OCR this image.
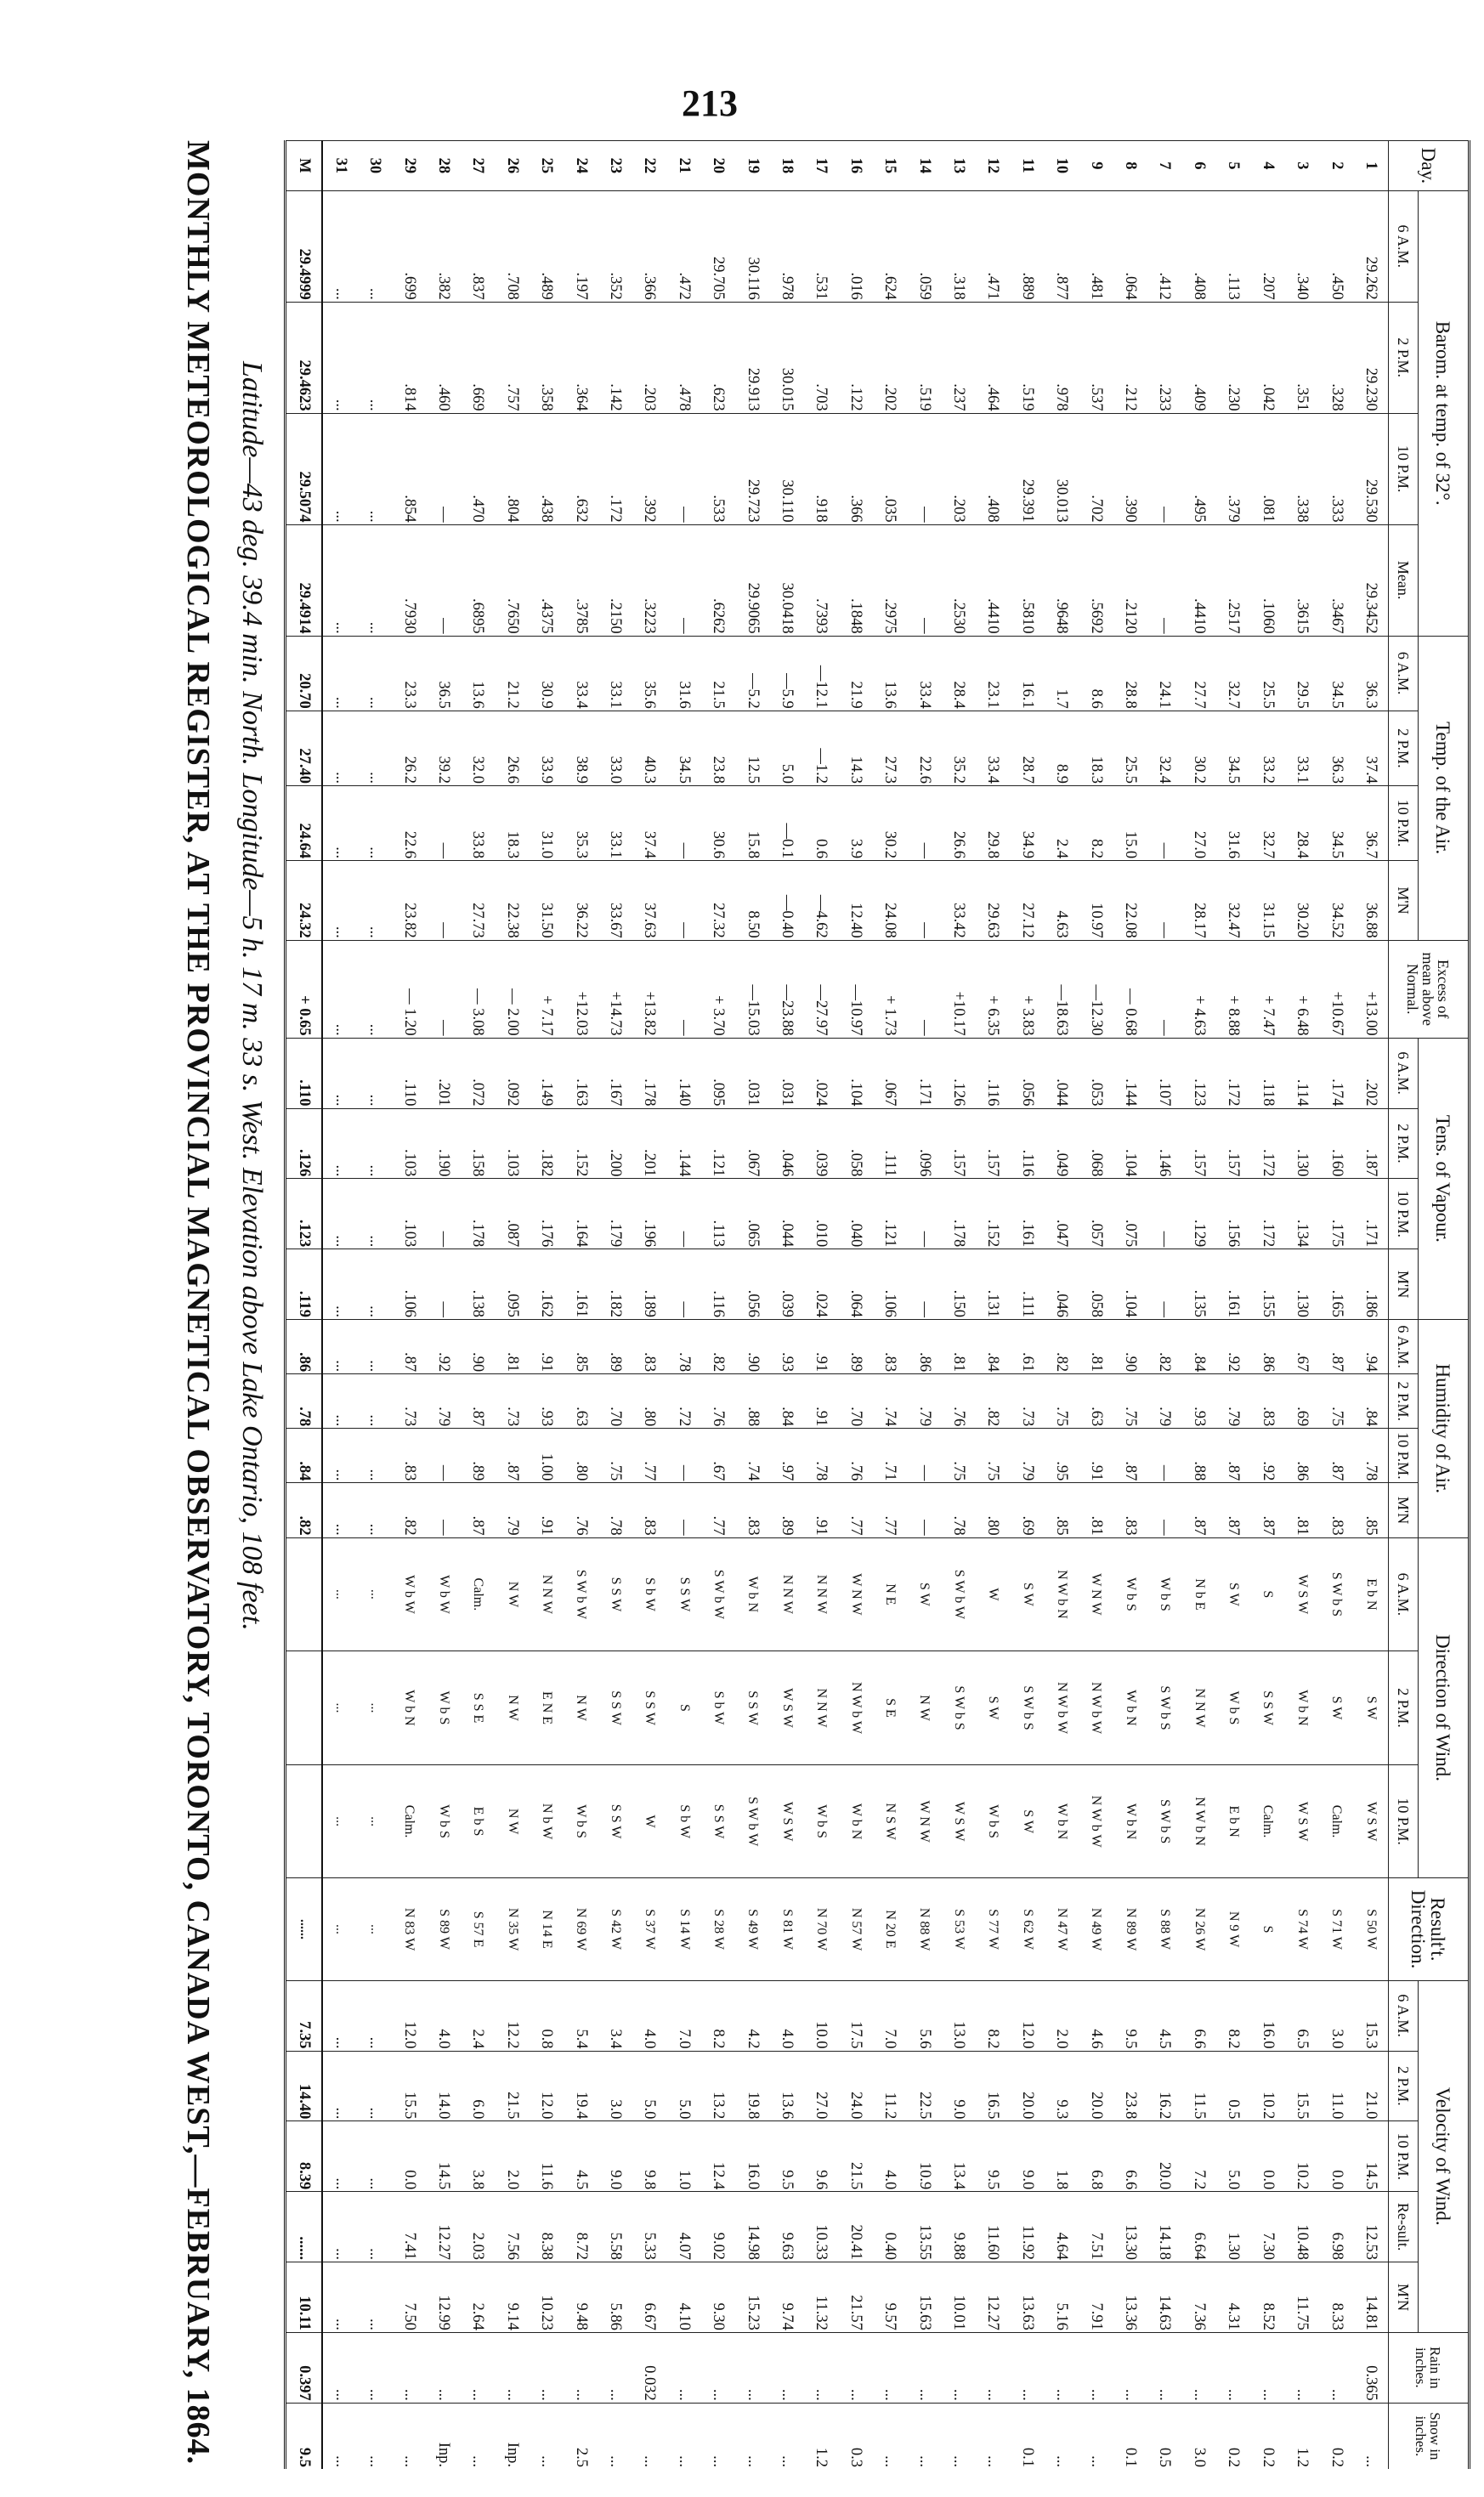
213
MONTHLY METEOROLOGICAL REGISTER, AT THE PROVINCIAL MAGNETICAL OBSERVATORY, TORONTO, CANADA WEST,—FEBRUARY, 1864. Latitude—43 deg. 39.4 min. North. Longitude—5 h. 17 m. 33 s. West. Elevation above Lake Ontario, 108 feet.
Day.	Barom. at temp. of 32°.				Temp. of the Air.				Excess of mean above Normal.	Tens. of Vapour.				Humidity of Air.				Direction of Wind.			Result't. Direction.	Velocity of Wind.					Rain in inches.	Snow in inches.
	6 A.M.	2 P.M.	10 P.M.	Mean.	6 A.M.	2 P.M.	10 P.M.	M'N		6 A.M.	2 P.M.	10 P.M.	M'N	6 A.M.	2 P.M.	10 P.M.	M'N	6 A.M.	2 P.M.	10 P.M.		6 A.M.	2 P.M.	10 P.M.	Re-sult.	M'N		
1	29.262	29.230	29.530	29.3452	36.3	37.4	36.7	36.88	+13.00	.202	.187	.171	.186	.94	.84	.78	.85	E b N	S W	W S W	S 50 W	15.3	21.0	14.5	12.53	14.81	0.365	...
2	.450	.328	.333	.3467	34.5	36.3	34.5	34.52	+10.67	.174	.160	.175	.165	.87	.75	.87	.83	S W b S	S W	Calm.	S 71 W	3.0	11.0	0.0	6.98	8.33	...	0.2
3	.340	.351	.338	.3615	29.5	33.1	28.4	30.20	+ 6.48	.114	.130	.134	.130	.67	.69	.86	.81	W S W	W b N	W S W	S 74 W	6.5	15.5	10.2	10.48	11.75	...	1.2
4	.207	.042	.081	.1060	25.5	33.2	32.7	31.15	+ 7.47	.118	.172	.172	.155	.86	.83	.92	.87	S	S S W	Calm.	S	16.0	10.2	0.0	7.30	8.52	...	0.2
5	.113	.230	.379	.2517	32.7	34.5	31.6	32.47	+ 8.88	.172	.157	.156	.161	.92	.79	.87	.87	S W	W b S	E b N	N 9 W	8.2	0.5	5.0	1.30	4.31	...	0.2
6	.408	.409	.495	.4410	27.7	30.2	27.0	28.17	+ 4.63	.123	.157	.129	.135	.84	.93	.88	.87	N b E	N N W	N W b N	N 26 W	6.6	11.5	7.2	6.64	7.36	...	3.0
7	.412	.233	—	—	24.1	32.4	—	—	—	.107	.146	—	—	.82	.79	—	—	W b S	S W b S	S W b S	S 88 W	4.5	16.2	20.0	14.18	14.63	...	0.5
8	.064	.212	.390	.2120	28.8	25.5	15.0	22.08	— 0.68	.144	.104	.075	.104	.90	.75	.87	.83	W b S	W b N	W b N	N 89 W	9.5	23.8	6.6	13.30	13.36	...	0.1
9	.481	.537	.702	.5692	8.6	18.3	8.2	10.97	—12.30	.053	.068	.057	.058	.81	.63	.91	.81	W N W	N W b W	N W b W	N 49 W	4.6	20.0	6.8	7.51	7.91	...	...
10	.877	.978	30.013	.9648	1.7	8.9	2.4	4.63	—18.63	.044	.049	.047	.046	.82	.75	.95	.85	N W b N	N W b W	W b N	N 47 W	2.0	9.3	1.8	4.64	5.16	...	...
11	.889	.519	29.391	.5810	16.1	28.7	34.9	27.12	+ 3.83	.056	.116	.161	.111	.61	.73	.79	.69	S W	S W b S	S W	S 62 W	12.0	20.0	9.0	11.92	13.63	...	0.1
12	.471	.464	.408	.4410	23.1	33.4	29.8	29.63	+ 6.35	.116	.157	.152	.131	.84	.82	.75	.80	W	S W	W b S	S 77 W	8.2	16.5	9.5	11.60	12.27	...	...
13	.318	.237	.203	.2530	28.4	35.2	26.6	33.42	+10.17	.126	.157	.178	.150	.81	.76	.75	.78	S W b W	S W b S	W S W	S 53 W	13.0	9.0	13.4	9.88	10.01	...	...
14	.059	.519	—	—	33.4	22.6	—	—	—	.171	.096	—	—	.86	.79	—	—	S W	N W	W N W	N 88 W	5.6	22.5	10.9	13.55	15.63	...	...
15	.624	.202	.035	.2975	13.6	27.3	30.2	24.08	+ 1.73	.067	.111	.121	.106	.83	.74	.71	.77	N E	S E	N S W	N 20 E	7.0	11.2	4.0	0.40	9.57	...	...
16	.016	.122	.366	.1848	21.9	14.3	3.9	12.40	—10.97	.104	.058	.040	.064	.89	.70	.76	.77	W N W	N W b W	W b N	N 57 W	17.5	24.0	21.5	20.41	21.57	...	0.3
17	.531	.703	.918	.7393	—12.1	—1.2	0.6	—4.62	—27.97	.024	.039	.010	.024	.91	.91	.78	.91	N N W	N N W	W b S	N 70 W	10.0	27.0	9.6	10.33	11.32	...	1.2
18	.978	30.015	30.110	30.0418	—5.9	5.0	—0.1	—0.40	—23.88	.031	.046	.044	.039	.93	.84	.97	.89	N N W	W S W	W S W	S 81 W	4.0	13.6	9.5	9.63	9.74	...	...
19	30.116	29.913	29.723	29.9065	—5.2	12.5	15.8	8.50	—15.03	.031	.067	.065	.056	.90	.88	.74	.83	W b N	S S W	S W b W	S 49 W	4.2	19.8	16.0	14.98	15.23	...	...
20	29.705	.623	.533	.6262	21.5	23.8	30.6	27.32	+ 3.70	.095	.121	.113	.116	.82	.76	.67	.77	S W b W	S b W	S S W	S 28 W	8.2	13.2	12.4	9.02	9.30	...	...
21	.472	.478	—	—	31.6	34.5	—	—	—	.140	.144	—	—	.78	.72	—	—	S S W	S	S b W	S 14 W	7.0	5.0	1.0	4.07	4.10	...	...
22	.366	.203	.392	.3223	35.6	40.3	37.4	37.63	+13.82	.178	.201	.196	.189	.83	.80	.77	.83	S b W	S S W	W	S 37 W	4.0	5.0	9.8	5.33	6.67	0.032	...
23	.352	.142	.172	.2150	33.1	33.0	33.1	33.67	+14.73	.167	.200	.179	.182	.89	.70	.75	.78	S S W	S S W	S S W	S 42 W	3.4	3.0	9.0	5.58	5.86	...	...
24	.197	.364	.632	.3785	33.4	38.9	35.3	36.22	+12.03	.163	.152	.164	.161	.85	.63	.80	.76	S W b W	N W	W b S	N 69 W	5.4	19.4	4.5	8.72	9.48	...	2.5
25	.489	.358	.438	.4375	30.9	33.9	31.0	31.50	+ 7.17	.149	.182	.176	.162	.91	.93	1.00	.91	N N W	E N E	N b W	N 14 E	0.8	12.0	11.6	8.38	10.23	...	...
26	.708	.757	.804	.7650	21.2	26.6	18.3	22.38	— 2.00	.092	.103	.087	.095	.81	.73	.87	.79	N W	N W	N W	N 35 W	12.2	21.5	2.0	7.56	9.14	...	Inp.
27	.837	.669	.470	.6895	13.6	32.0	33.8	27.73	— 3.08	.072	.158	.178	.138	.90	.87	.89	.87	Calm.	S S E	E b S	S 57 E	2.4	6.0	3.8	2.03	2.64	...	...
28	.382	.460	—	—	36.5	39.2	—	—	—	.201	.190	—	—	.92	.79	—	—	W b W	W b S	W b S	S 89 W	4.0	14.0	14.5	12.27	12.99	...	Inp.
29	.699	.814	.854	.7930	23.3	26.2	22.6	23.82	— 1.20	.110	.103	.103	.106	.87	.73	.83	.82	W b W	W b N	Calm.	N 83 W	12.0	15.5	0.0	7.41	7.50	...	...
30	...	...	...	...	...	...	...	...	...	...	...	...	...	...	...	...	...	...	...	...	...	...	...	...	...	...	...	...
31	...	...	...	...	...	...	...	...	...	...	...	...	...	...	...	...	...	...	...	...	...	...	...	...	...	...	...	...
M	29.4999	29.4623	29.5074	29.4914	20.70	27.40	24.64	24.32	+ 0.65	.110	.126	.123	.119	.86	.78	.84	.82				......	7.35	14.40	8.39	......	10.11	0.397	9.5
